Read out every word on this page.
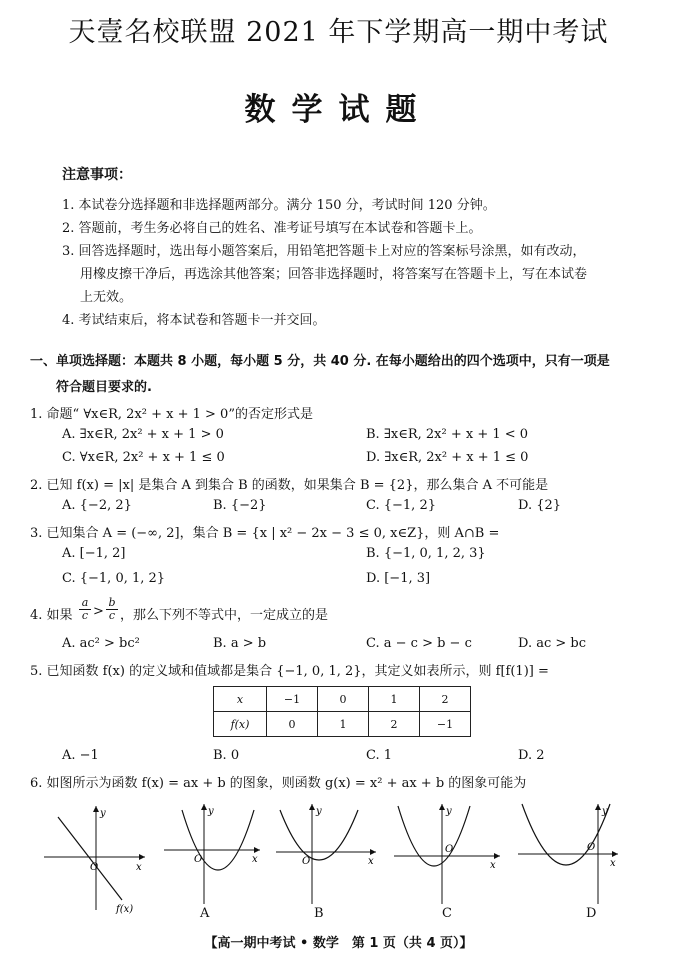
天壹名校联盟 2021 年下学期高一期中考试
数学试题
注意事项：
1. 本试卷分选择题和非选择题两部分。满分 150 分，考试时间 120 分钟。
2. 答题前，考生务必将自己的姓名、准考证号填写在本试卷和答题卡上。
3. 回答选择题时，选出每小题答案后，用铅笔把答题卡上对应的答案标号涂黑，如有改动，
用橡皮擦干净后，再选涂其他答案；回答非选择题时，将答案写在答题卡上，写在本试卷
上无效。
4. 考试结束后，将本试卷和答题卡一并交回。
一、单项选择题：本题共 8 小题，每小题 5 分，共 40 分. 在每小题给出的四个选项中，只有一项是
符合题目要求的.
1. 命题“ ∀x∈R, 2x² + x + 1 > 0”的否定形式是
A. ∃x∈R, 2x² + x + 1 > 0	B. ∃x∈R, 2x² + x + 1 < 0
C. ∀x∈R, 2x² + x + 1 ≤ 0	D. ∃x∈R, 2x² + x + 1 ≤ 0
2. 已知 f(x) = |x| 是集合 A 到集合 B 的函数，如果集合 B = {2}，那么集合 A 不可能是
A. {−2, 2}	B. {−2}	C. {−1, 2}	D. {2}
3. 已知集合 A = (−∞, 2]，集合 B = {x | x² − 2x − 3 ≤ 0, x∈Z}，则 A∩B =
A. [−1, 2]	B. {−1, 0, 1, 2, 3}
C. {−1, 0, 1, 2}	D. [−1, 3]
4. 如果 $\frac{a}{c} > \frac{b}{c}$ ，那么下列不等式中，一定成立的是
A. ac² > bc²	B. a > b	C. a − c > b − c	D. ac > bc
5. 已知函数 f(x) 的定义域和值域都是集合 {−1, 0, 1, 2}，其定义如表所示，则 f[f(1)] =
x	−1	0	1	2
f(x)	0	1	2	−1
A. −1	B. 0	C. 1	D. 2
6. 如图所示为函数 f(x) = ax + b 的图象，则函数 g(x) = x² + ax + b 的图象可能为
y
x
O
f(x)
y
x
O
A
y
x
O
B
y
x
O
C
y
x
O
D
【高一期中考试 • 数学　第 1 页（共 4 页）】
